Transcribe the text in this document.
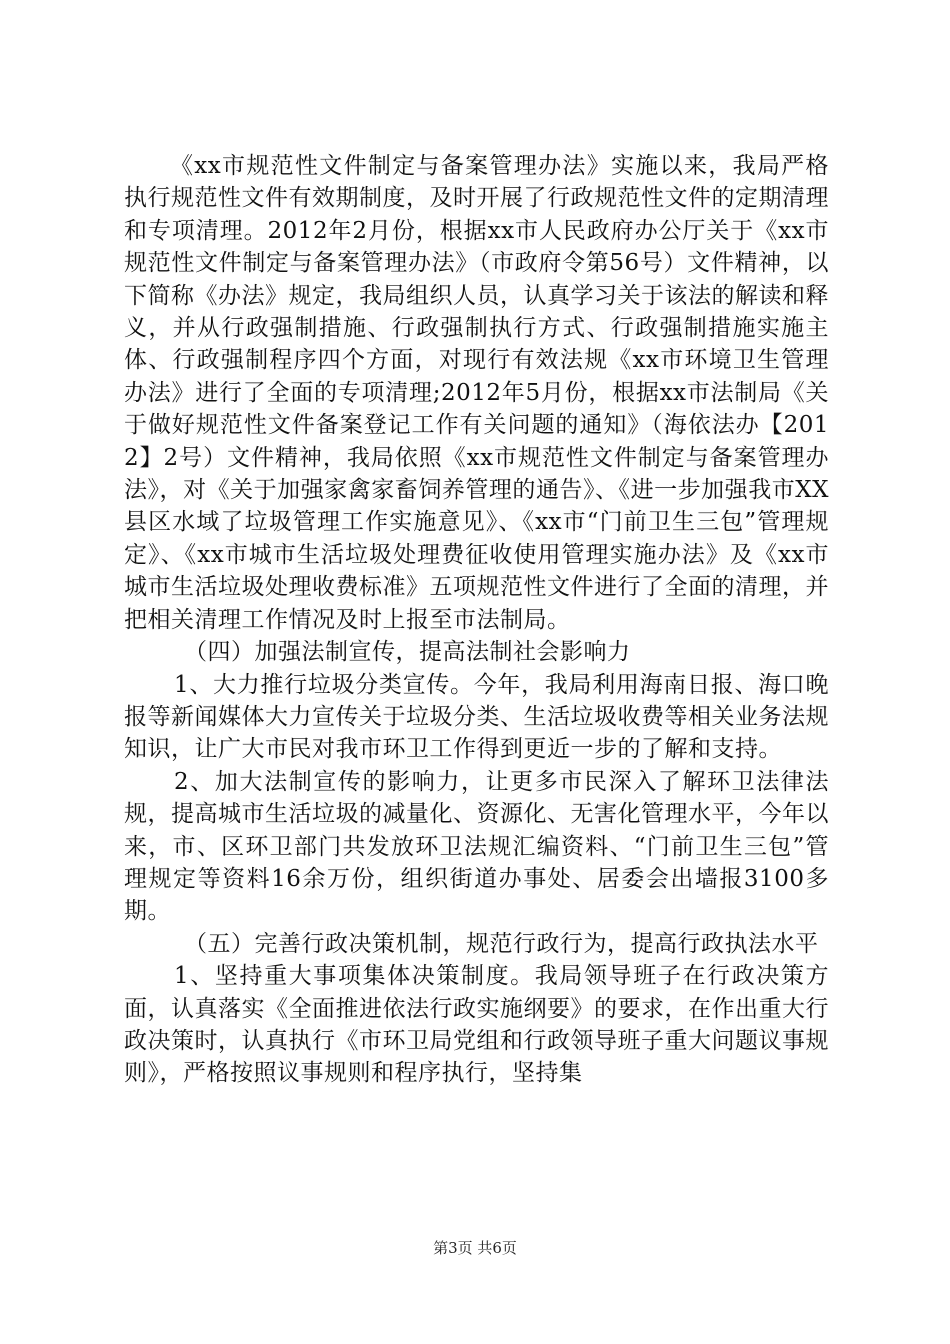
《xx市规范性文件制定与备案管理办法》实施以来，我局严格执行规范性文件有效期制度，及时开展了行政规范性文件的定期清理和专项清理。2012年2月份，根据xx市人民政府办公厅关于《xx市规范性文件制定与备案管理办法》（市政府令第56号）文件精神，以下简称《办法》规定，我局组织人员，认真学习关于该法的解读和释义，并从行政强制措施、行政强制执行方式、行政强制措施实施主体、行政强制程序四个方面，对现行有效法规《xx市环境卫生管理办法》进行了全面的专项清理;2012年5月份，根据xx市法制局《关于做好规范性文件备案登记工作有关问题的通知》（海依法办【2012】2号）文件精神，我局依照《xx市规范性文件制定与备案管理办法》，对《关于加强家禽家畜饲养管理的通告》、《进一步加强我市XX县区水域了垃圾管理工作实施意见》、《xx市“门前卫生三包”管理规定》、《xx市城市生活垃圾处理费征收使用管理实施办法》及《xx市城市生活垃圾处理收费标准》五项规范性文件进行了全面的清理，并把相关清理工作情况及时上报至市法制局。

（四）加强法制宣传，提高法制社会影响力

1、大力推行垃圾分类宣传。今年，我局利用海南日报、海口晚报等新闻媒体大力宣传关于垃圾分类、生活垃圾收费等相关业务法规知识，让广大市民对我市环卫工作得到更近一步的了解和支持。

2、加大法制宣传的影响力，让更多市民深入了解环卫法律法规，提高城市生活垃圾的减量化、资源化、无害化管理水平，今年以来，市、区环卫部门共发放环卫法规汇编资料、“门前卫生三包”管理规定等资料16余万份，组织街道办事处、居委会出墙报3100多期。

（五）完善行政决策机制，规范行政行为，提高行政执法水平

1、坚持重大事项集体决策制度。我局领导班子在行政决策方面，认真落实《全面推进依法行政实施纲要》的要求，在作出重大行政决策时，认真执行《市环卫局党组和行政领导班子重大问题议事规则》，严格按照议事规则和程序执行，坚持集

第3页 共6页
